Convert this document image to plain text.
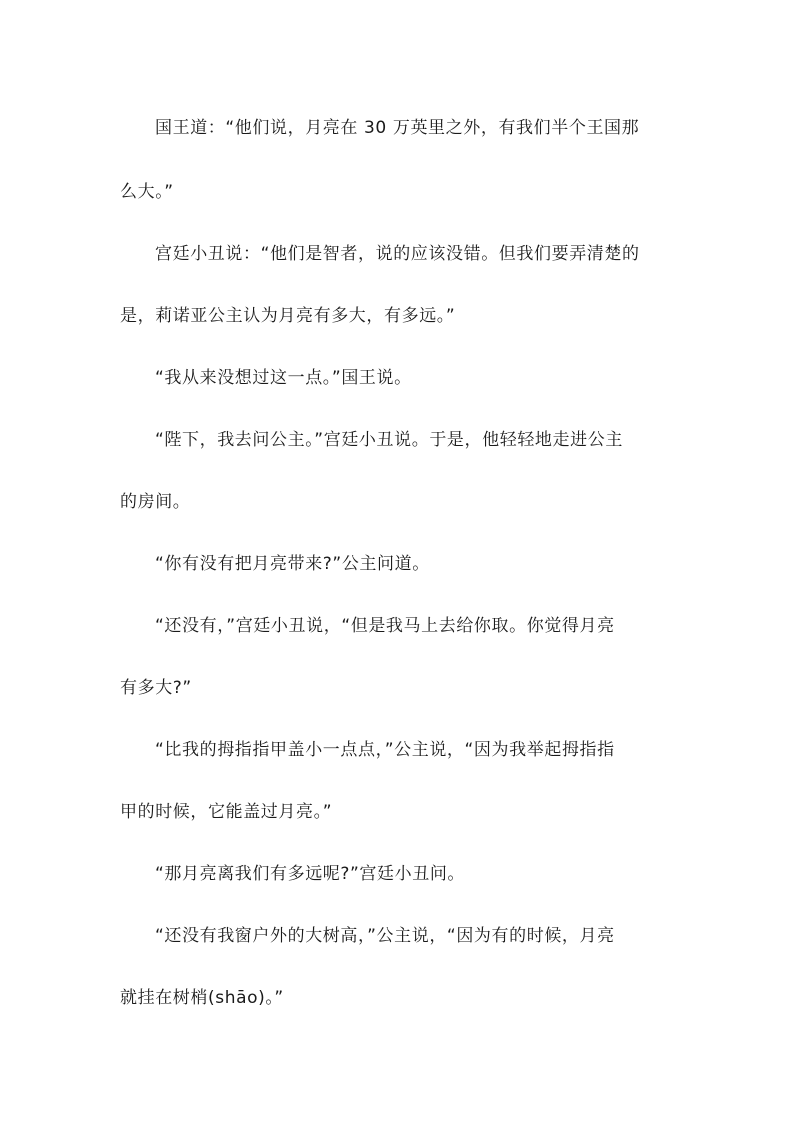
国王道：“他们说，月亮在 30 万英里之外，有我们半个王国那
么大。”
宫廷小丑说：“他们是智者，说的应该没错。但我们要弄清楚的
是，莉诺亚公主认为月亮有多大，有多远。”
“我从来没想过这一点。”国王说。
“陛下，我去问公主。”宫廷小丑说。于是，他轻轻地走进公主
的房间。
“你有没有把月亮带来?”公主问道。
“还没有，”宫廷小丑说，“但是我马上去给你取。你觉得月亮
有多大?”
“比我的拇指指甲盖小一点点，”公主说，“因为我举起拇指指
甲的时候，它能盖过月亮。”
“那月亮离我们有多远呢?”宫廷小丑问。
“还没有我窗户外的大树高，”公主说，“因为有的时候，月亮
就挂在树梢(shāo)。”
